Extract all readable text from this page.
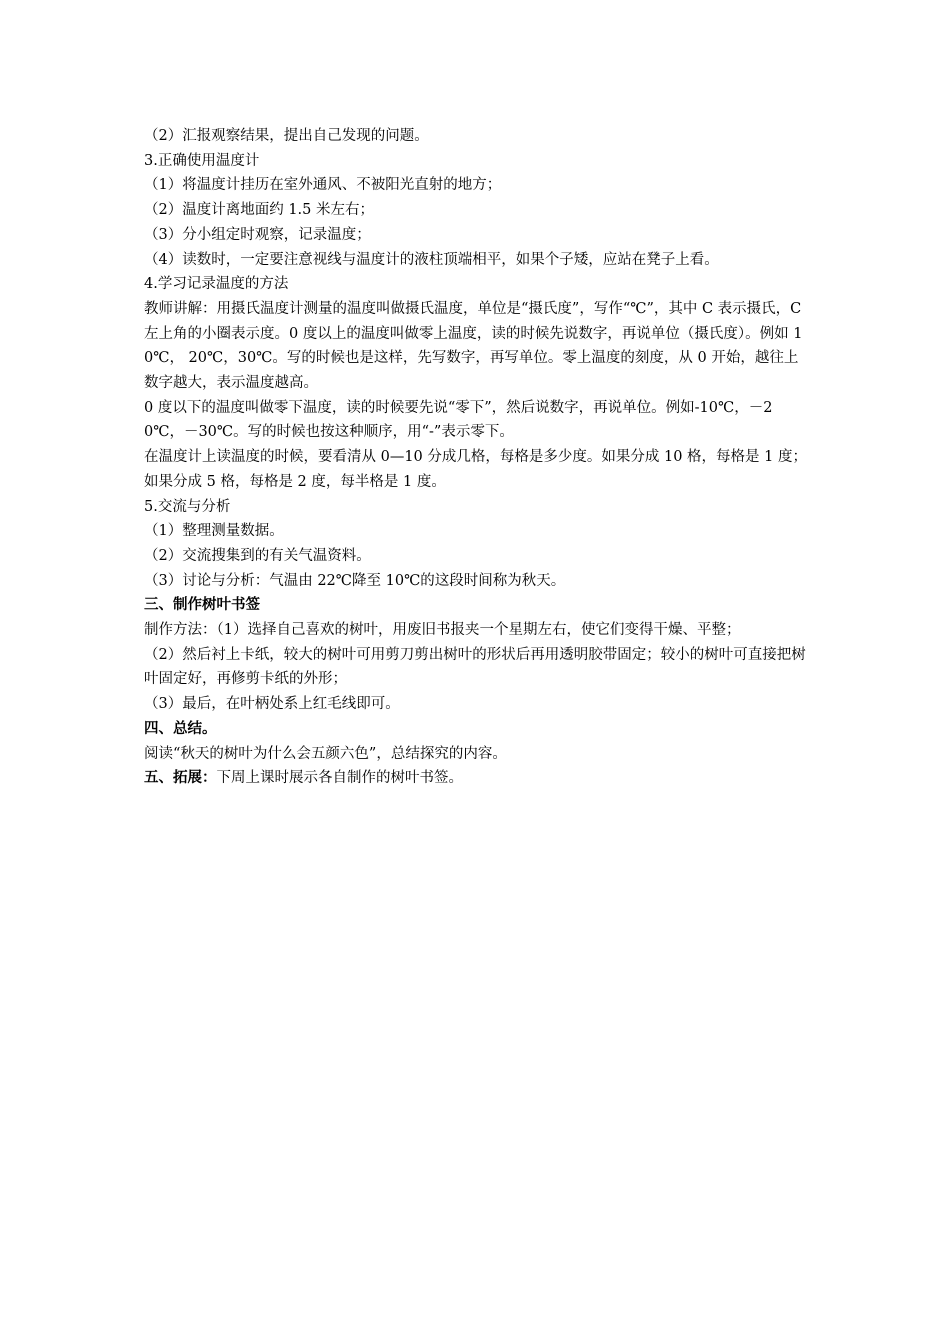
（2）汇报观察结果，提出自己发现的问题。

3.正确使用温度计

（1）将温度计挂历在室外通风、不被阳光直射的地方；

（2）温度计离地面约 1.5 米左右；

（3）分小组定时观察，记录温度；

（4）读数时，一定要注意视线与温度计的液柱顶端相平，如果个子矮，应站在凳子上看。

4.学习记录温度的方法

教师讲解：用摄氏温度计测量的温度叫做摄氏温度，单位是“摄氏度”，写作“℃”，其中 C 表示摄氏，C 左上角的小圈表示度。0 度以上的温度叫做零上温度，读的时候先说数字，再说单位（摄氏度）。例如 10℃， 20℃，30℃。写的时候也是这样，先写数字，再写单位。零上温度的刻度，从 0 开始，越往上数字越大，表示温度越高。

0 度以下的温度叫做零下温度，读的时候要先说“零下”，然后说数字，再说单位。例如-10℃，－20℃，－30℃。写的时候也按这种顺序，用“-”表示零下。

在温度计上读温度的时候，要看清从 0—10 分成几格，每格是多少度。如果分成 10 格，每格是 1 度；如果分成 5 格，每格是 2 度，每半格是 1 度。

5.交流与分析

（1）整理测量数据。

（2）交流搜集到的有关气温资料。

（3）讨论与分析：气温由 22℃降至 10℃的这段时间称为秋天。

三、制作树叶书签

制作方法：（1）选择自己喜欢的树叶，用废旧书报夹一个星期左右，使它们变得干燥、平整；

（2）然后衬上卡纸，较大的树叶可用剪刀剪出树叶的形状后再用透明胶带固定；较小的树叶可直接把树叶固定好，再修剪卡纸的外形；

（3）最后，在叶柄处系上红毛线即可。

四、总结。

阅读“秋天的树叶为什么会五颜六色”，总结探究的内容。

五、拓展：下周上课时展示各自制作的树叶书签。
